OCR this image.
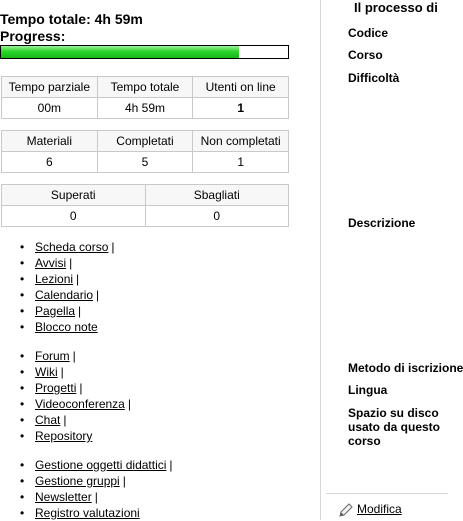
Tempo totale: 4h 59m
Progress:
Tempo parziale	Tempo totale	Utenti on line
00m	4h 59m	1
Materiali	Completati	Non completati
6	5	1
Superati	Sbagliati
0	0
• Scheda corso |
• Avvisi |
• Lezioni |
• Calendario |
• Pagella |
• Blocco note
• Forum |
• Wiki |
• Progetti |
• Videoconferenza |
• Chat |
• Repository
• Gestione oggetti didattici |
• Gestione gruppi |
• Newsletter |
• Registro valutazioni
Il processo di
Codice
Corso
Difficoltà
Descrizione
Metodo di iscrizione
Lingua
Spazio su disco usato da questo corso
Modifica
